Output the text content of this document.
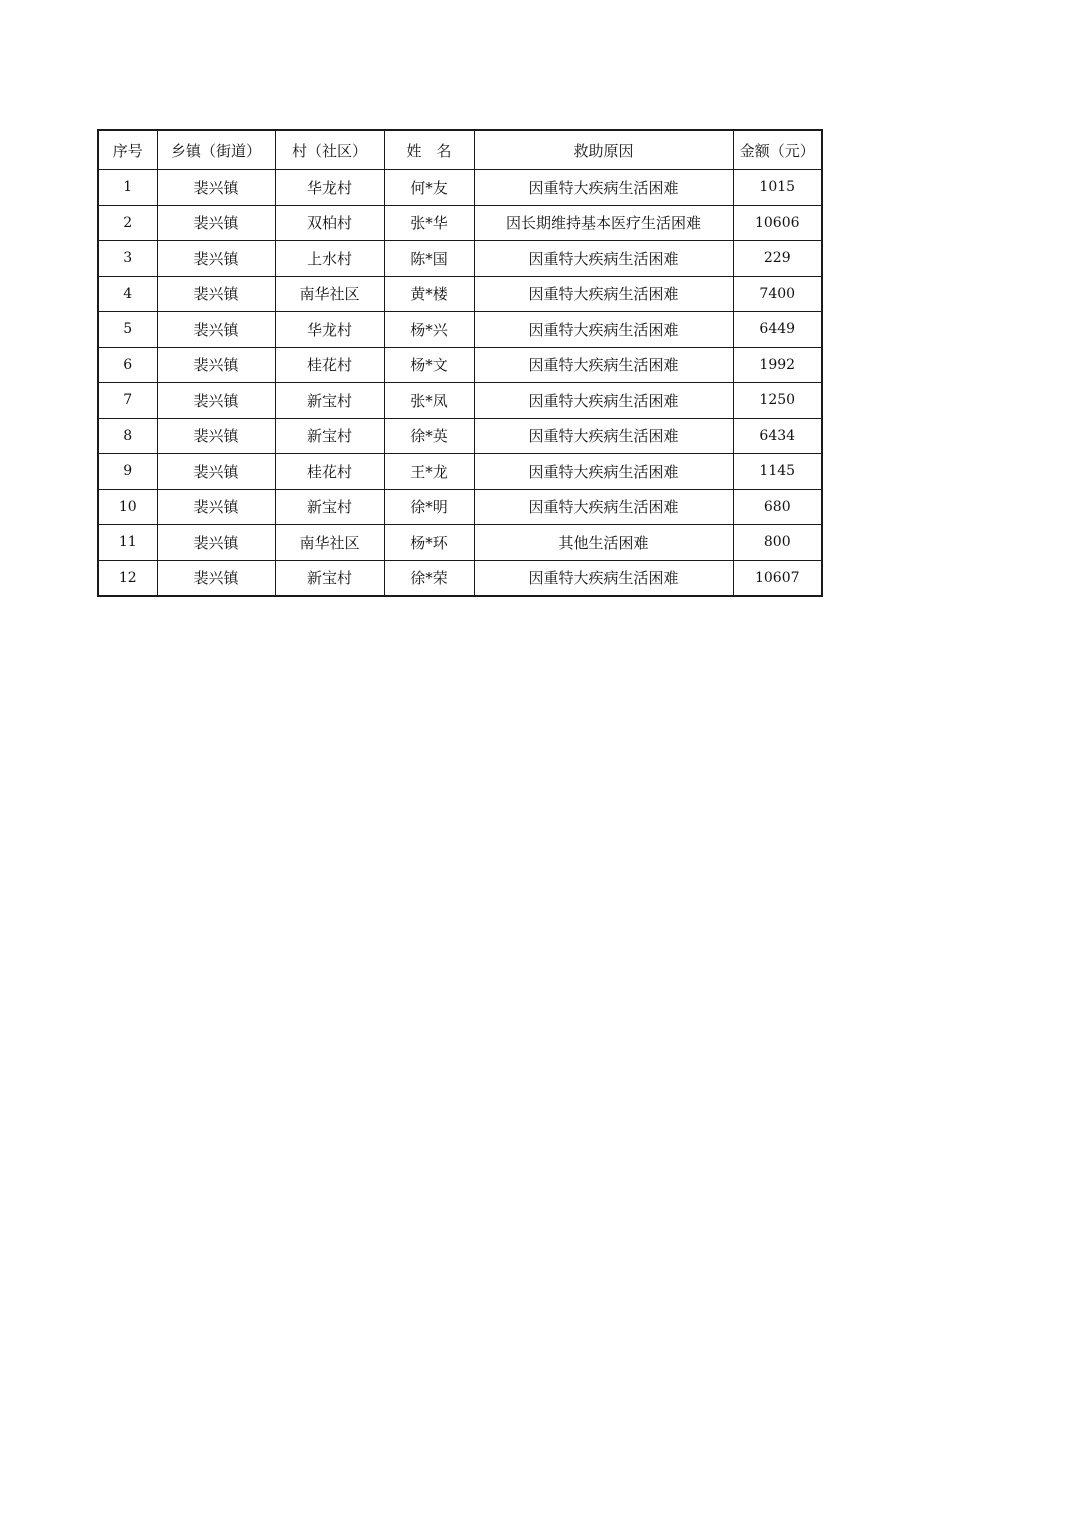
序号	乡镇（街道）	村（社区）	姓　名	救助原因	金额（元）
1	裴兴镇	华龙村	何*友	因重特大疾病生活困难	1015
2	裴兴镇	双柏村	张*华	因长期维持基本医疗生活困难	10606
3	裴兴镇	上水村	陈*国	因重特大疾病生活困难	229
4	裴兴镇	南华社区	黄*楼	因重特大疾病生活困难	7400
5	裴兴镇	华龙村	杨*兴	因重特大疾病生活困难	6449
6	裴兴镇	桂花村	杨*文	因重特大疾病生活困难	1992
7	裴兴镇	新宝村	张*凤	因重特大疾病生活困难	1250
8	裴兴镇	新宝村	徐*英	因重特大疾病生活困难	6434
9	裴兴镇	桂花村	王*龙	因重特大疾病生活困难	1145
10	裴兴镇	新宝村	徐*明	因重特大疾病生活困难	680
11	裴兴镇	南华社区	杨*环	其他生活困难	800
12	裴兴镇	新宝村	徐*荣	因重特大疾病生活困难	10607
